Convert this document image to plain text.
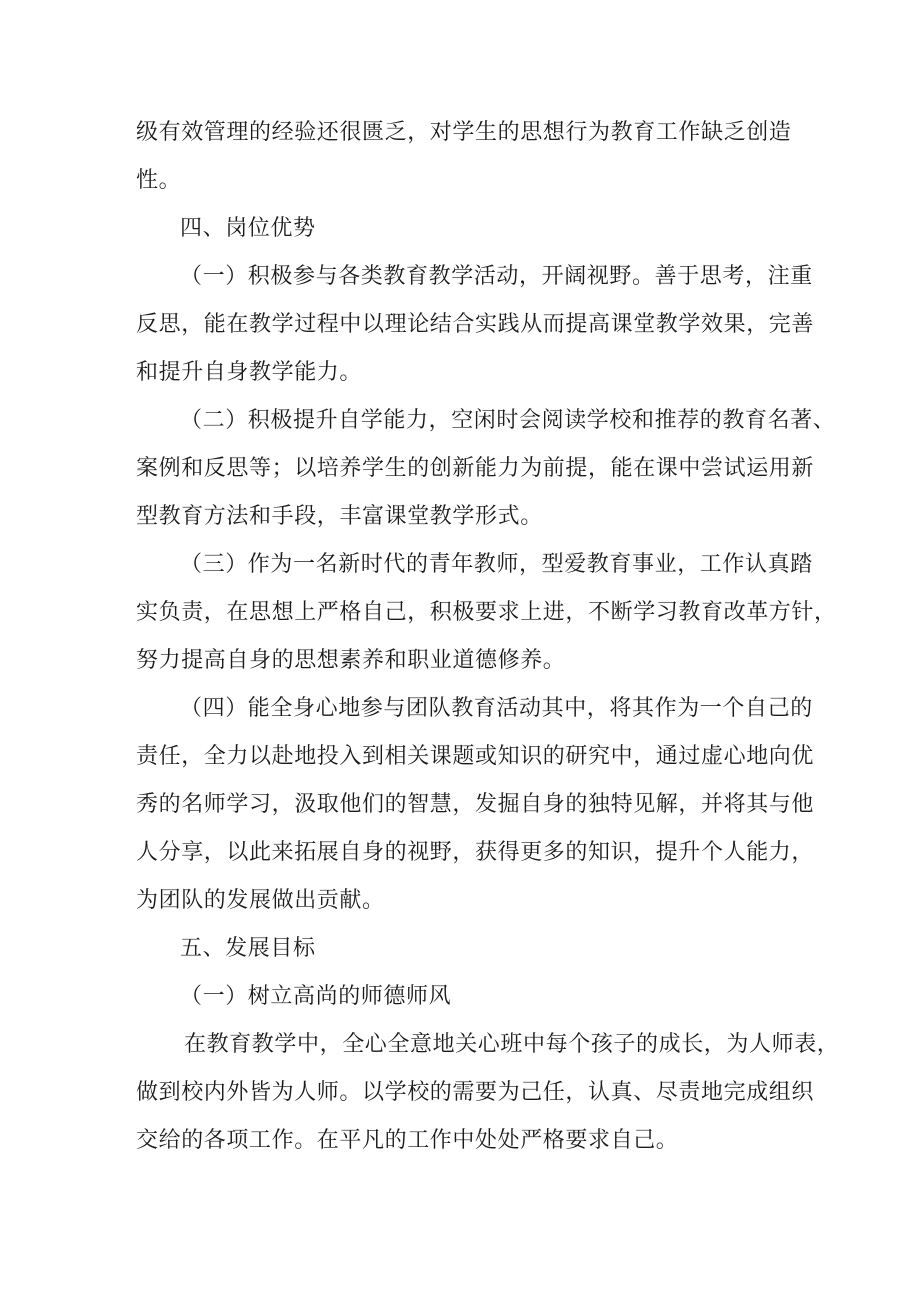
级有效管理的经验还很匮乏，对学生的思想行为教育工作缺乏创造

性。

四、岗位优势

（一）积极参与各类教育教学活动，开阔视野。善于思考，注重

反思，能在教学过程中以理论结合实践从而提高课堂教学效果，完善

和提升自身教学能力。

（二）积极提升自学能力，空闲时会阅读学校和推荐的教育名著、

案例和反思等；以培养学生的创新能力为前提，能在课中尝试运用新

型教育方法和手段，丰富课堂教学形式。

（三）作为一名新时代的青年教师，型爱教育事业，工作认真踏

实负责，在思想上严格自己，积极要求上进，不断学习教育改革方针，

努力提高自身的思想素养和职业道德修养。

（四）能全身心地参与团队教育活动其中，将其作为一个自己的

责任，全力以赴地投入到相关课题或知识的研究中，通过虚心地向优

秀的名师学习，汲取他们的智慧，发掘自身的独特见解，并将其与他

人分享，以此来拓展自身的视野，获得更多的知识，提升个人能力，

为团队的发展做出贡献。

五、发展目标

（一）树立高尚的师德师风

在教育教学中，全心全意地关心班中每个孩子的成长，为人师表，

做到校内外皆为人师。以学校的需要为己任，认真、尽责地完成组织

交给的各项工作。在平凡的工作中处处严格要求自己。
